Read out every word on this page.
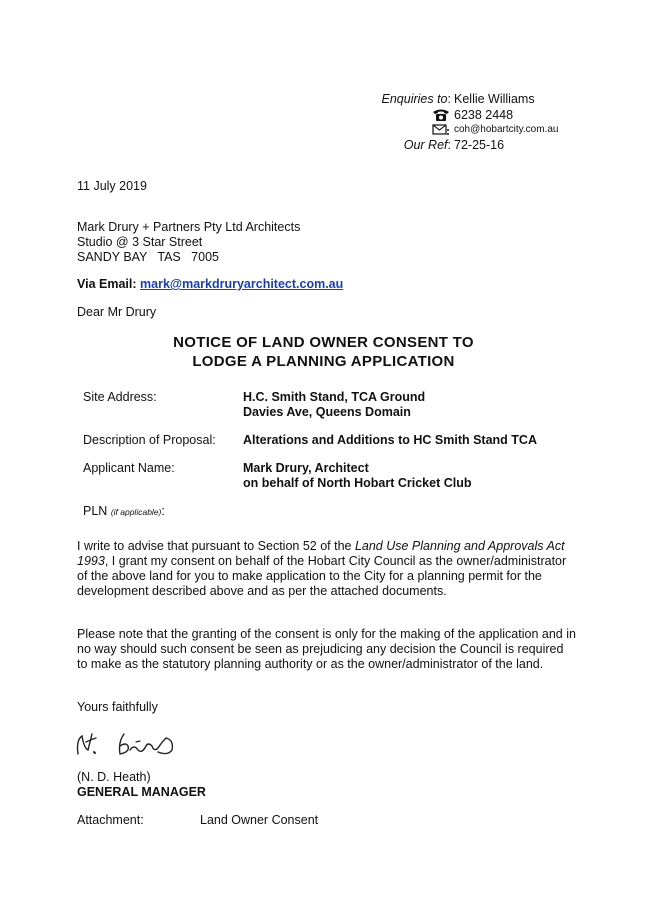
Enquiries to: Kellie Williams
6238 2448
coh@hobartcity.com.au
Our Ref: 72-25-16
11 July 2019
Mark Drury + Partners Pty Ltd Architects
Studio @ 3 Star Street
SANDY BAY   TAS   7005
Via Email: mark@markdruryarchitect.com.au
Dear Mr Drury
NOTICE OF LAND OWNER CONSENT TO
LODGE A PLANNING APPLICATION
Site Address:	H.C. Smith Stand, TCA Ground
Davies Ave, Queens Domain
Description of Proposal: Alterations and Additions to HC Smith Stand TCA
Applicant Name:	Mark Drury, Architect
on behalf of North Hobart Cricket Club
PLN (if applicable):
I write to advise that pursuant to Section 52 of the Land Use Planning and Approvals Act 1993, I grant my consent on behalf of the Hobart City Council as the owner/administrator of the above land for you to make application to the City for a planning permit for the development described above and as per the attached documents.
Please note that the granting of the consent is only for the making of the application and in no way should such consent be seen as prejudicing any decision the Council is required to make as the statutory planning authority or as the owner/administrator of the land.
Yours faithfully
(N. D. Heath)
GENERAL MANAGER
Attachment:	Land Owner Consent
